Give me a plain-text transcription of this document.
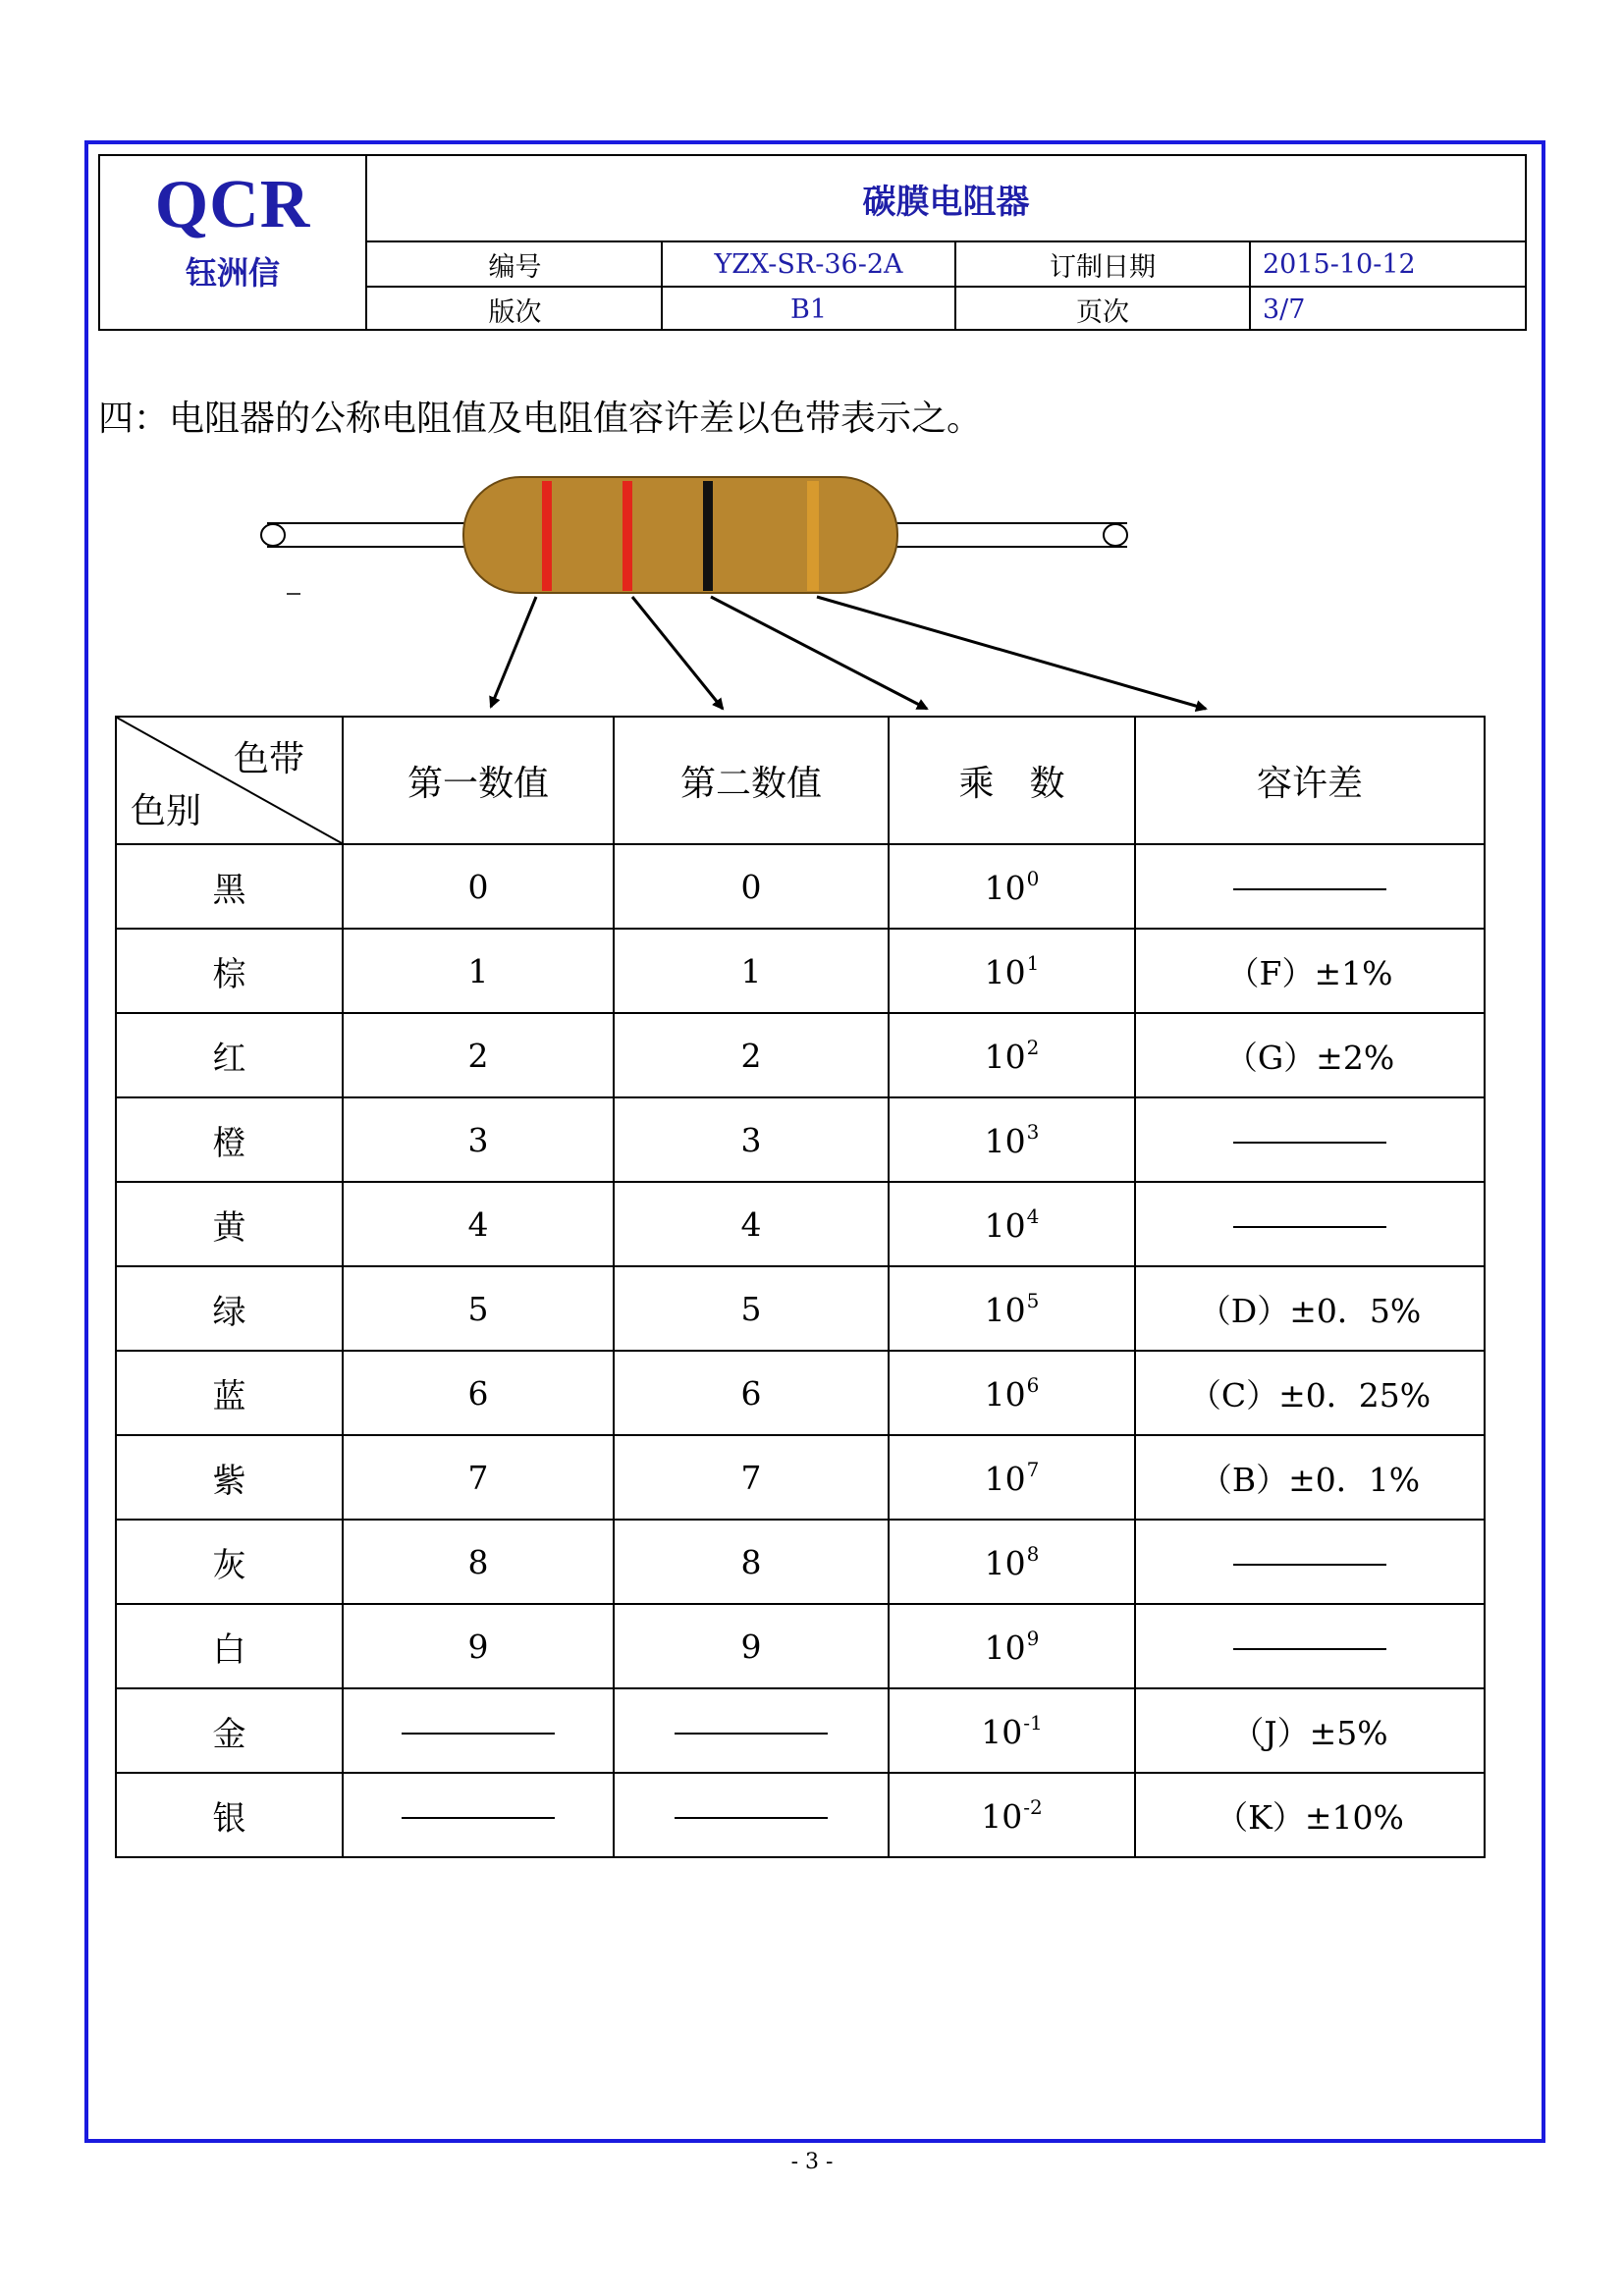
QCR
钰洲信
碳膜电阻器
编号	YZX-SR-36-2A	订制日期	2015-10-12
版次	B1	页次	3/7
四：电阻器的公称电阻值及电阻值容许差以色带表示之。
色带
色别	第一数值	第二数值	乘　数	容许差
黑	0	0	$10^0$	
棕	1	1	$10^1$	（F）±1%
红	2	2	$10^2$	（G）±2%
橙	3	3	$10^3$	
黄	4	4	$10^4$	
绿	5	5	$10^5$	（D）±0．5%
蓝	6	6	$10^6$	（C）±0．25%
紫	7	7	$10^7$	（B）±0．1%
灰	8	8	$10^8$	
白	9	9	$10^9$	
金			$10^{-1}$	（J）±5%
银			$10^{-2}$	（K）±10%
- 3 -
